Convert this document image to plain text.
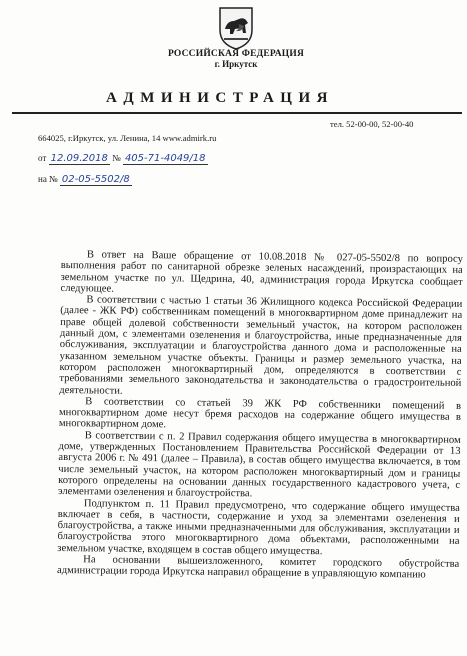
РОССИЙСКАЯ ФЕДЕРАЦИЯ
г. Иркутск
АДМИНИСТРАЦИЯ
тел. 52-00-00, 52-00-40
664025, г.Иркутск, ул. Ленина, 14 www.admirk.ru
от 12.09.2018 № 405-71-4049/18
на № 02-05-5502/8

В ответ на Ваше обращение от 10.08.2018 № 027-05-5502/8 по вопросу выполнения работ по санитарной обрезке зеленых насаждений, произрастающих на земельном участке по ул. Щедрина, 40, администрация города Иркутска сообщает следующее.

В соответствии с частью 1 статьи 36 Жилищного кодекса Российской Федерации (далее - ЖК РФ) собственникам помещений в многоквартирном доме принадлежит на праве общей долевой собственности земельный участок, на котором расположен данный дом, с элементами озеленения и благоустройства, иные предназначенные для обслуживания, эксплуатации и благоустройства данного дома и расположенные на указанном земельном участке объекты. Границы и размер земельного участка, на котором расположен многоквартирный дом, определяются в соответствии с требованиями земельного законодательства и законодательства о градостроительной деятельности.

В соответствии со статьей 39 ЖК РФ собственники помещений в многоквартирном доме несут бремя расходов на содержание общего имущества в многоквартирном доме.

В соответствии с п. 2 Правил содержания общего имущества в многоквартирном доме, утвержденных Постановлением Правительства Российской Федерации от 13 августа 2006 г. № 491 (далее – Правила), в состав общего имущества включается, в том числе земельный участок, на котором расположен многоквартирный дом и границы которого определены на основании данных государственного кадастрового учета, с элементами озеленения и благоустройства.

Подпунктом п. 11 Правил предусмотрено, что содержание общего имущества включает в себя, в частности, содержание и уход за элементами озеленения и благоустройства, а также иными предназначенными для обслуживания, эксплуатации и благоустройства этого многоквартирного дома объектами, расположенными на земельном участке, входящем в состав общего имущества.

На основании вышеизложенного, комитет городского обустройства администрации города Иркутска направил обращение в управляющую компанию
